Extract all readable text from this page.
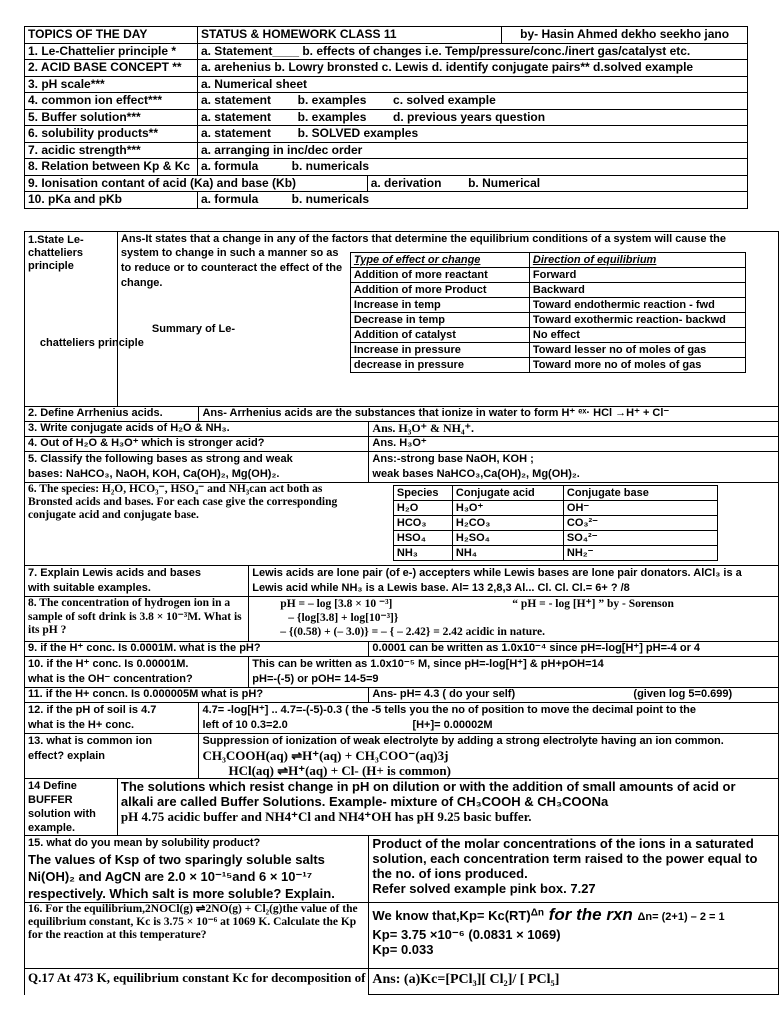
TOPICS OF THE DAY	STATUS & HOMEWORK CLASS 11		by- Hasin Ahmed dekho seekho jano
1. Le-Chattelier principle *	a. Statement____ b. effects of changes i.e. Temp/pressure/conc./inert gas/catalyst etc.		
2. ACID BASE CONCEPT **	a. arehenius b. Lowry bronsted c. Lewis d. identify conjugate pairs** d.solved example		
3. pH scale***	a. Numerical sheet		
4. common ion effect***	a. statement        b. examples        c. solved example		
5. Buffer solution***	a. statement        b. examples        d. previous years question		
6. solubility products**	a. statement        b. SOLVED examples		
7. acidic strength***	a. arranging in inc/dec order		
8. Relation between Kp & Kc	a. formula          b. numericals		
9. Ionisation contant of acid (Ka) and base (Kb)		a. derivation b. Numerical	
10. pKa and pKb	a. formula          b. numericals		
1.State Le-chatteliers principle

Ans-It states that a change in any of the factors that determine the equilibrium conditions of a system will cause the
system to change in such a manner so as to reduce or to counteract the effect of the change.
Type of effect or change	Direction of equilibrium
Addition of more reactant	Forward
Addition of more Product	Backward
Increase in temp	Toward endothermic reaction - fwd
Decrease in temp	Toward exothermic reaction- backwd
Addition of catalyst	No effect
Increase in pressure	Toward lesser no of moles of gas
decrease in pressure	Toward more no of moles of gas
Summary of Le-chatteliers principle

2. Define Arrhenius acids.	Ans- Arrhenius acids are the substances that ionize in water to form H⁺ ᵉˣ· HCl →H⁺ + Cl⁻
3. Write conjugate acids of H₂O & NH₃.	Ans. H₃O⁺ & NH₄⁺.
4. Out of H₂O & H₃O⁺ which is stronger acid?	Ans. H₃O⁺

5. Classify the following bases as strong and weak
bases: NaHCO₃, NaOH, KOH, Ca(OH)₂, Mg(OH)₂.

Ans:-strong base NaOH, KOH ;
weak bases NaHCO₃,Ca(OH)₂, Mg(OH)₂.

6. The species: H₂O, HCO₃⁻, HSO₄⁻ and NH₃can act both as Bronsted acids and bases. For each case give the corresponding conjugate acid and conjugate base.	
Species	Conjugate acid	Conjugate base
H₂O	H₃O⁺	OH⁻
HCO₃	H₂CO₃	CO₃²⁻
HSO₄	H₂SO₄	SO₄²⁻
NH₃	NH₄	NH₂⁻

7. Explain Lewis acids and bases
with suitable examples.

Lewis acids are lone pair (of e-) accepters while Lewis bases are lone pair donators. AlCl₃ is a
Lewis acid while NH₃ is a Lewis base. Al= 13 2,8,3 Al... Cl. Cl. Cl.= 6+ ? /8

8. The concentration of hydrogen ion in a sample of soft drink is 3.8 × 10⁻³M. What is its pH ?	
pH = – log [3.8 × 10 ⁻³]	“ pH = - log [H⁺] ” by - Sorenson
– {log[3.8] + log[10⁻³]}
– {(0.58) + (– 3.0)} = – { – 2.42} = 2.42 acidic in nature.

9. if the H⁺ conc. Is 0.0001M. what is the pH?	0.0001 can be written as 1.0x10⁻⁴ since pH=-log[H⁺] pH=-4 or 4

10. if the H⁺ conc. Is 0.00001M.
what is the OH⁻ concentration?

This can be written as 1.0x10⁻⁵ M, since pH=-log[H⁺] & pH+pOH=14
pH=-(-5) or pOH= 14-5=9

11. if the H+ concn. Is 0.000005M what is pH?	Ans- pH= 4.3 ( do your self)	(given log 5=0.699)

12. if the pH of soil is 4.7
what is the H+ conc.

4.7= -log[H⁺] .. 4.7=-(-5)-0.3 ( the -5 tells you the no of position to move the decimal point to the
left of 10 0.3=2.0	[H+]= 0.00002M

13. what is common ion
effect? explain

Suppression of ionization of weak electrolyte by adding a strong electrolyte having an ion common.
CH₃COOH(aq) ⇌H⁺(aq) + CH₃COO⁻(aq)3j
HCl(aq) ⇌H⁺(aq) + Cl- (H+ is common)

14 Define BUFFER solution with example.	
The solutions which resist change in pH on dilution or with the addition of small amounts of acid or
alkali are called Buffer Solutions. Example- mixture of CH₃COOH & CH₃COONa
pH 4.75 acidic buffer and NH4⁺Cl and NH4⁺OH has pH 9.25 basic buffer.

15. what do you mean by solubility product?
The values of Ksp of two sparingly soluble salts Ni(OH)₂ and AgCN are 2.0 × 10⁻¹⁵and 6 × 10⁻¹⁷ respectively. Which salt is more soluble? Explain.

Product of the molar concentrations of the ions in a saturated solution, each concentration term raised to the power equal to the no. of ions produced.
Refer solved example pink box. 7.27

16. For the equilibrium,2NOCl(g) ⇌2NO(g) + Cl₂(g)the value of the equilibrium constant, Kc is 3.75 × 10⁻⁶ at 1069 K. Calculate the Kp for the reaction at this temperature?	
We know that,Kp= Kc(RT)$^{\Delta n}$ for the rxn Δn= (2+1) – 2 = 1
Kp= 3.75 ×10⁻⁶ (0.0831 × 1069)
Kp= 0.033

Q.17 At 473 K, equilibrium constant Kc for decomposition of	Ans: (a)Kc=[PCl₃][ Cl₂]/ [ PCl₅]
